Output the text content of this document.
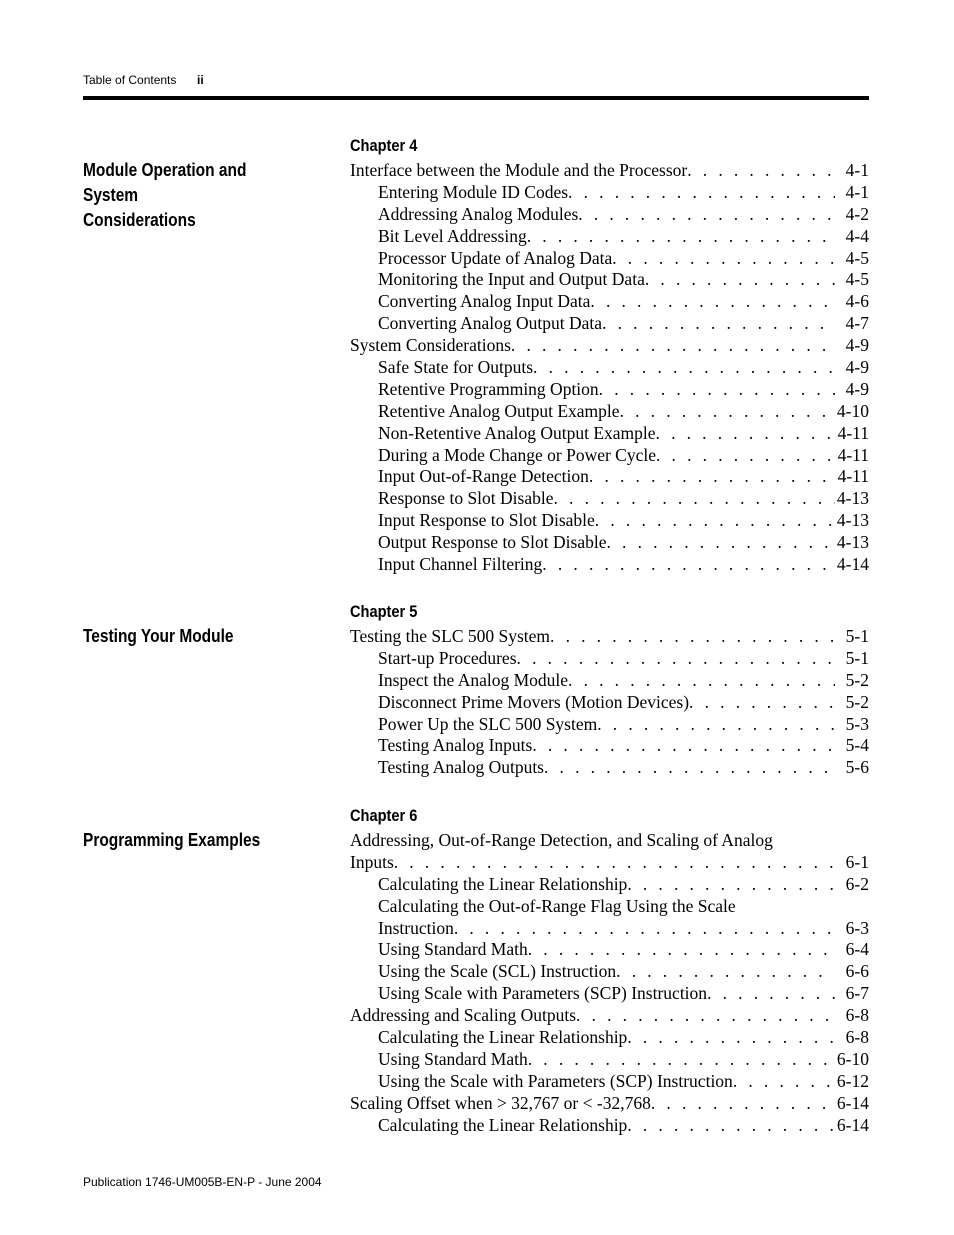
Table of Contents ii
Chapter 4
Module Operation and System
Considerations
Interface between the Module and the Processor . . .	4-1
Entering Module ID Codes . . .	4-1
Addressing Analog Modules . . .	4-2
Bit Level Addressing . . .	4-4
Processor Update of Analog Data . . .	4-5
Monitoring the Input and Output Data . . .	4-5
Converting Analog Input Data . . .	4-6
Converting Analog Output Data . . .	4-7
System Considerations . . .	4-9
Safe State for Outputs . . .	4-9
Retentive Programming Option . . .	4-9
Retentive Analog Output Example . . .	4-10
Non-Retentive Analog Output Example . . .	4-11
During a Mode Change or Power Cycle . . .	4-11
Input Out-of-Range Detection . . .	4-11
Response to Slot Disable . . .	4-13
Input Response to Slot Disable . . .	4-13
Output Response to Slot Disable . . .	4-13
Input Channel Filtering . . .	4-14
Chapter 5
Testing Your Module	Testing the SLC 500 System . . .	5-1
Start-up Procedures . . .	5-1
Inspect the Analog Module . . .	5-2
Disconnect Prime Movers (Motion Devices) . . .	5-2
Power Up the SLC 500 System . . .	5-3
Testing Analog Inputs . . .	5-4
Testing Analog Outputs . . .	5-6
Chapter 6
Programming Examples	Addressing, Out-of-Range Detection, and Scaling of Analog
Inputs . . .	6-1
Calculating the Linear Relationship . . .	6-2
Calculating the Out-of-Range Flag Using the Scale
Instruction . . .	6-3
Using Standard Math . . .	6-4
Using the Scale (SCL) Instruction . . .	6-6
Using Scale with Parameters (SCP) Instruction . . .	6-7
Addressing and Scaling Outputs . . .	6-8
Calculating the Linear Relationship . . .	6-8
Using Standard Math . . .	6-10
Using the Scale with Parameters (SCP) Instruction . . .	6-12
Scaling Offset when > 32,767 or < -32,768 . . .	6-14
Calculating the Linear Relationship . . .	6-14
Publication 1746-UM005B-EN-P - June 2004
